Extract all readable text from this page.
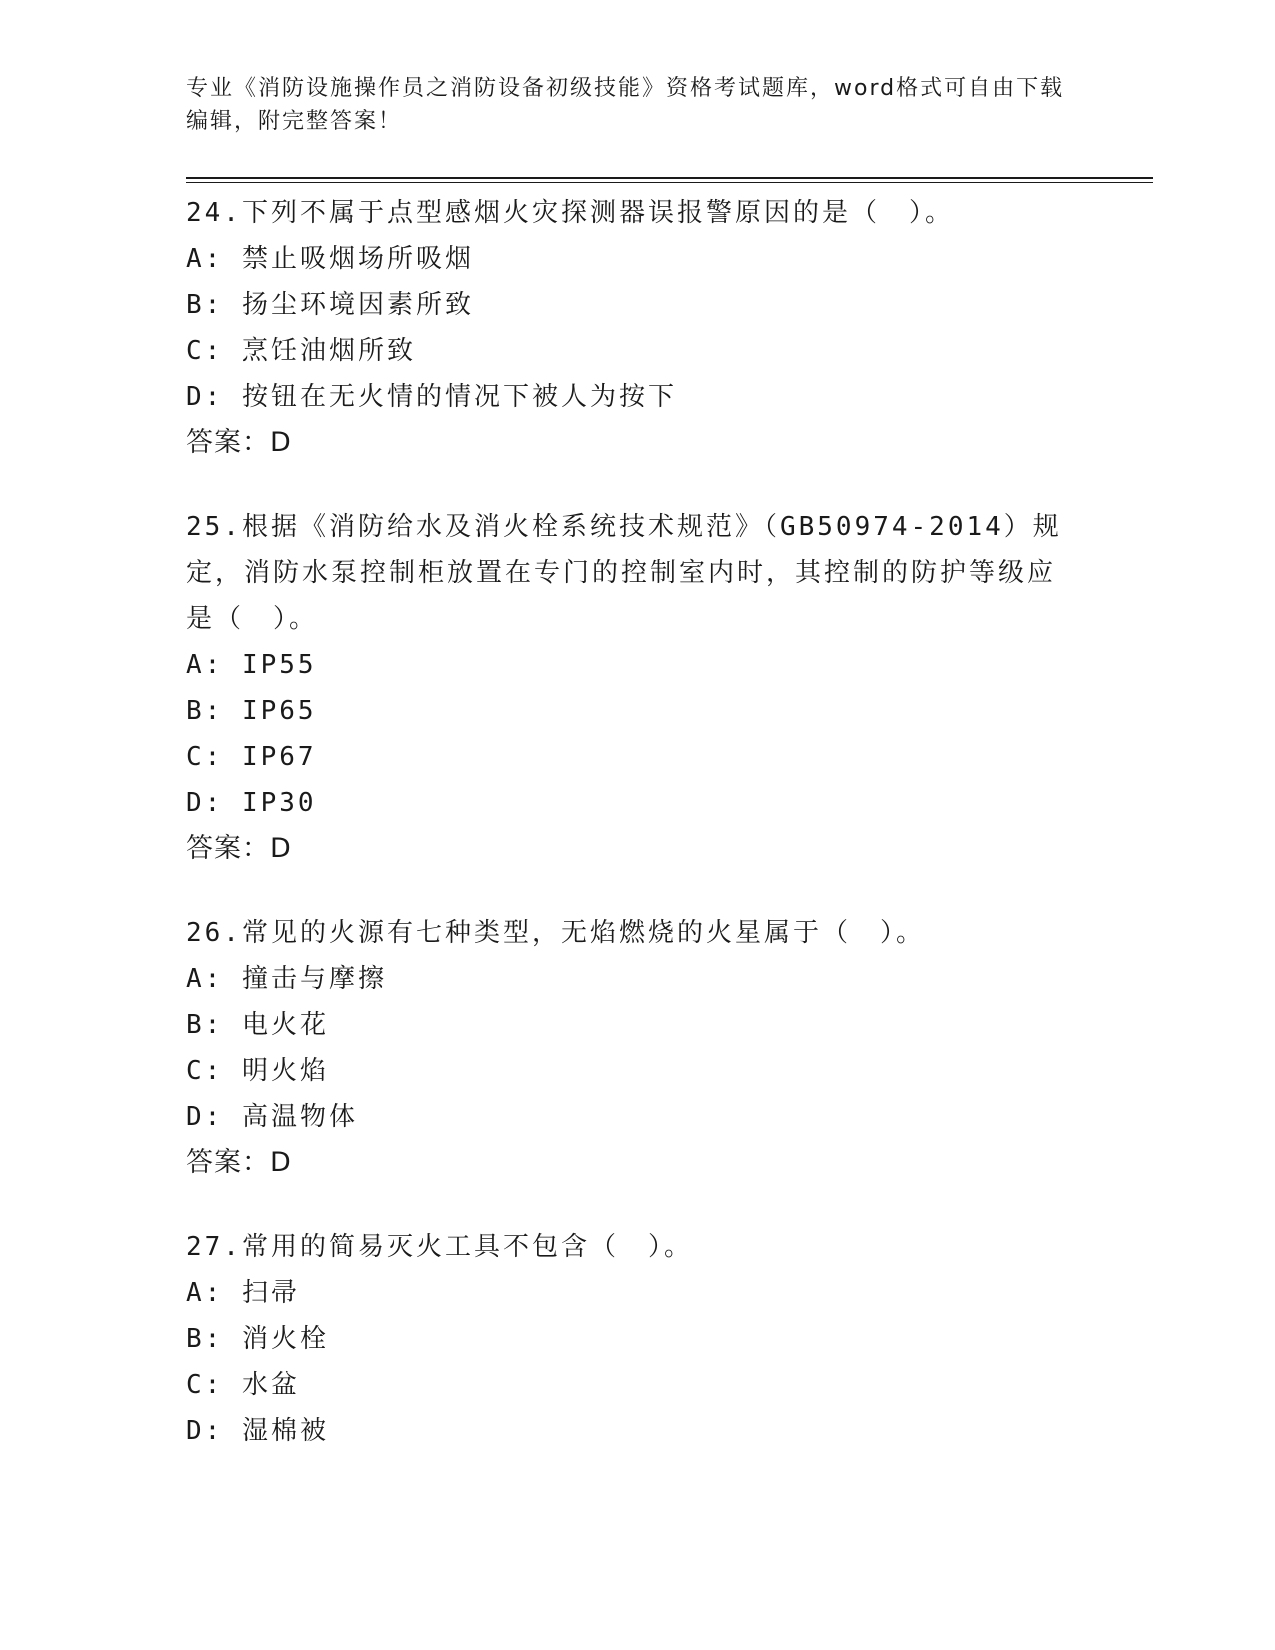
专业《消防设施操作员之消防设备初级技能》资格考试题库，word格式可自由下载编辑，附完整答案！
24.下列不属于点型感烟火灾探测器误报警原因的是（　）。
A: 禁止吸烟场所吸烟
B: 扬尘环境因素所致
C: 烹饪油烟所致
D: 按钮在无火情的情况下被人为按下
答案：D
25.根据《消防给水及消火栓系统技术规范》（GB50974-2014）规定，消防水泵控制柜放置在专门的控制室内时，其控制的防护等级应是（　）。
A: IP55
B: IP65
C: IP67
D: IP30
答案：D
26.常见的火源有七种类型，无焰燃烧的火星属于（　）。
A: 撞击与摩擦
B: 电火花
C: 明火焰
D: 高温物体
答案：D
27.常用的简易灭火工具不包含（　）。
A: 扫帚
B: 消火栓
C: 水盆
D: 湿棉被
